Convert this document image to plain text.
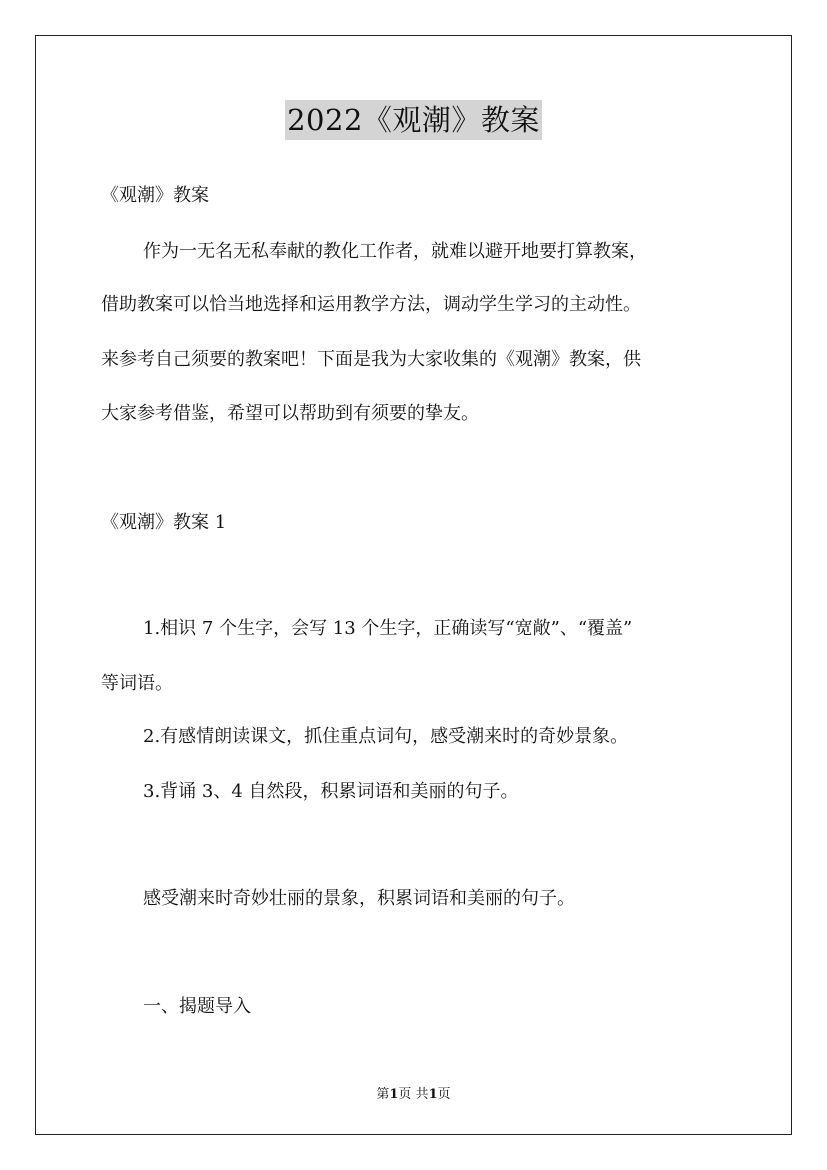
2022《观潮》教案

《观潮》教案

作为一无名无私奉献的教化工作者，就难以避开地要打算教案，

借助教案可以恰当地选择和运用教学方法，调动学生学习的主动性。

来参考自己须要的教案吧！下面是我为大家收集的《观潮》教案，供

大家参考借鉴，希望可以帮助到有须要的挚友。

《观潮》教案 1

1.相识 7 个生字，会写 13 个生字，正确读写“宽敞”、“覆盖”

等词语。

2.有感情朗读课文，抓住重点词句，感受潮来时的奇妙景象。

3.背诵 3、4 自然段，积累词语和美丽的句子。

感受潮来时奇妙壮丽的景象，积累词语和美丽的句子。

一、揭题导入

第1页 共1页
